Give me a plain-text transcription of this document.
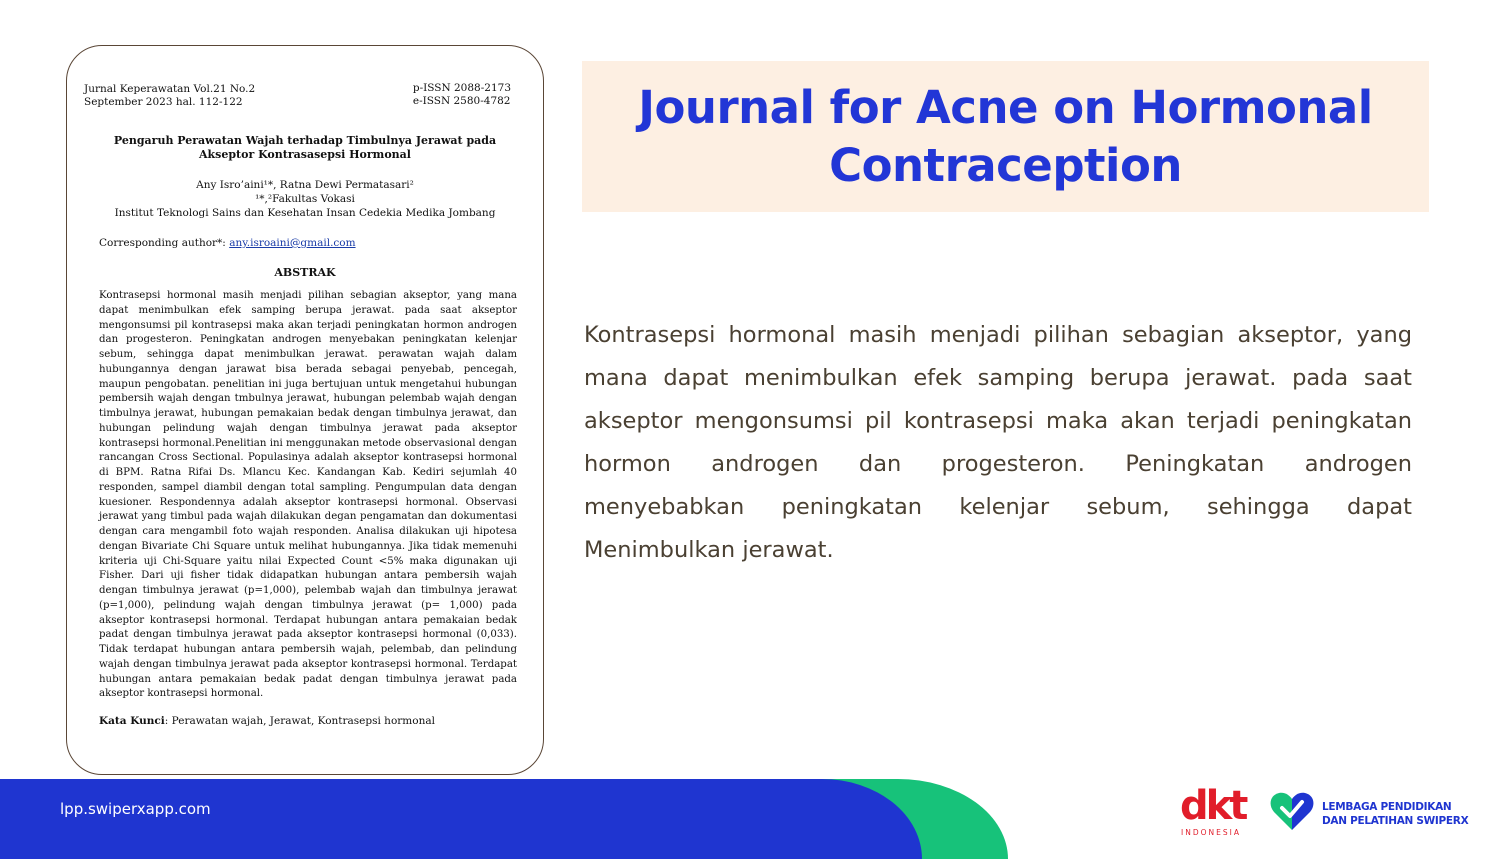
Jurnal Keperawatan Vol.21 No.2
September 2023 hal. 112-122
p-ISSN 2088-2173
e-ISSN 2580-4782
Pengaruh Perawatan Wajah terhadap Timbulnya Jerawat pada Akseptor Kontrasasepsi Hormonal
Any Isro’aini¹*, Ratna Dewi Permatasari²
¹*,²Fakultas Vokasi
Institut Teknologi Sains dan Kesehatan Insan Cedekia Medika Jombang
Corresponding author*: any.isroaini@gmail.com
ABSTRAK
Kontrasepsi hormonal masih menjadi pilihan sebagian akseptor, yang mana dapat menimbulkan efek samping berupa jerawat. pada saat akseptor mengonsumsi pil kontrasepsi maka akan terjadi peningkatan hormon androgen dan progesteron. Peningkatan androgen menyebakan peningkatan kelenjar sebum, sehingga dapat menimbulkan jerawat. perawatan wajah dalam hubungannya dengan jarawat bisa berada sebagai penyebab, pencegah, maupun pengobatan. penelitian ini juga bertujuan untuk mengetahui hubungan pembersih wajah dengan tmbulnya jerawat, hubungan pelembab wajah dengan timbulnya jerawat, hubungan pemakaian bedak dengan timbulnya jerawat, dan hubungan pelindung wajah dengan timbulnya jerawat pada akseptor kontrasepsi hormonal.Penelitian ini menggunakan metode observasional dengan rancangan Cross Sectional. Populasinya adalah akseptor kontrasepsi hormonal di BPM. Ratna Rifai Ds. Mlancu Kec. Kandangan Kab. Kediri sejumlah 40 responden, sampel diambil dengan total sampling. Pengumpulan data dengan kuesioner. Respondennya adalah akseptor kontrasepsi hormonal. Observasi jerawat yang timbul pada wajah dilakukan degan pengamatan dan dokumentasi dengan cara mengambil foto wajah responden. Analisa dilakukan uji hipotesa dengan Bivariate Chi Square untuk melihat hubungannya. Jika tidak memenuhi kriteria uji Chi-Square yaitu nilai Expected Count <5% maka digunakan uji Fisher. Dari uji fisher tidak didapatkan hubungan antara pembersih wajah dengan timbulnya jerawat (p=1,000), pelembab wajah dan timbulnya jerawat (p=1,000), pelindung wajah dengan timbulnya jerawat (p= 1,000) pada akseptor kontrasepsi hormonal. Terdapat hubungan antara pemakaian bedak padat dengan timbulnya jerawat pada akseptor kontrasepsi hormonal (0,033). Tidak terdapat hubungan antara pembersih wajah, pelembab, dan pelindung wajah dengan timbulnya jerawat pada akseptor kontrasepsi hormonal. Terdapat hubungan antara pemakaian bedak padat dengan timbulnya jerawat pada akseptor kontrasepsi hormonal.
Kata Kunci: Perawatan wajah, Jerawat, Kontrasepsi hormonal
Journal for Acne on Hormonal Contraception

Kontrasepsi hormonal masih menjadi pilihan sebagian akseptor, yang mana dapat menimbulkan efek samping berupa jerawat. pada saat akseptor mengonsumsi pil kontrasepsi maka akan terjadi peningkatan hormon androgen dan progesteron. Peningkatan androgen menyebabkan peningkatan kelenjar sebum, sehingga dapat Menimbulkan jerawat.

lpp.swiperxapp.com	dkt
INDONESIA
LEMBAGA PENDIDIKAN
DAN PELATIHAN SWIPERX
